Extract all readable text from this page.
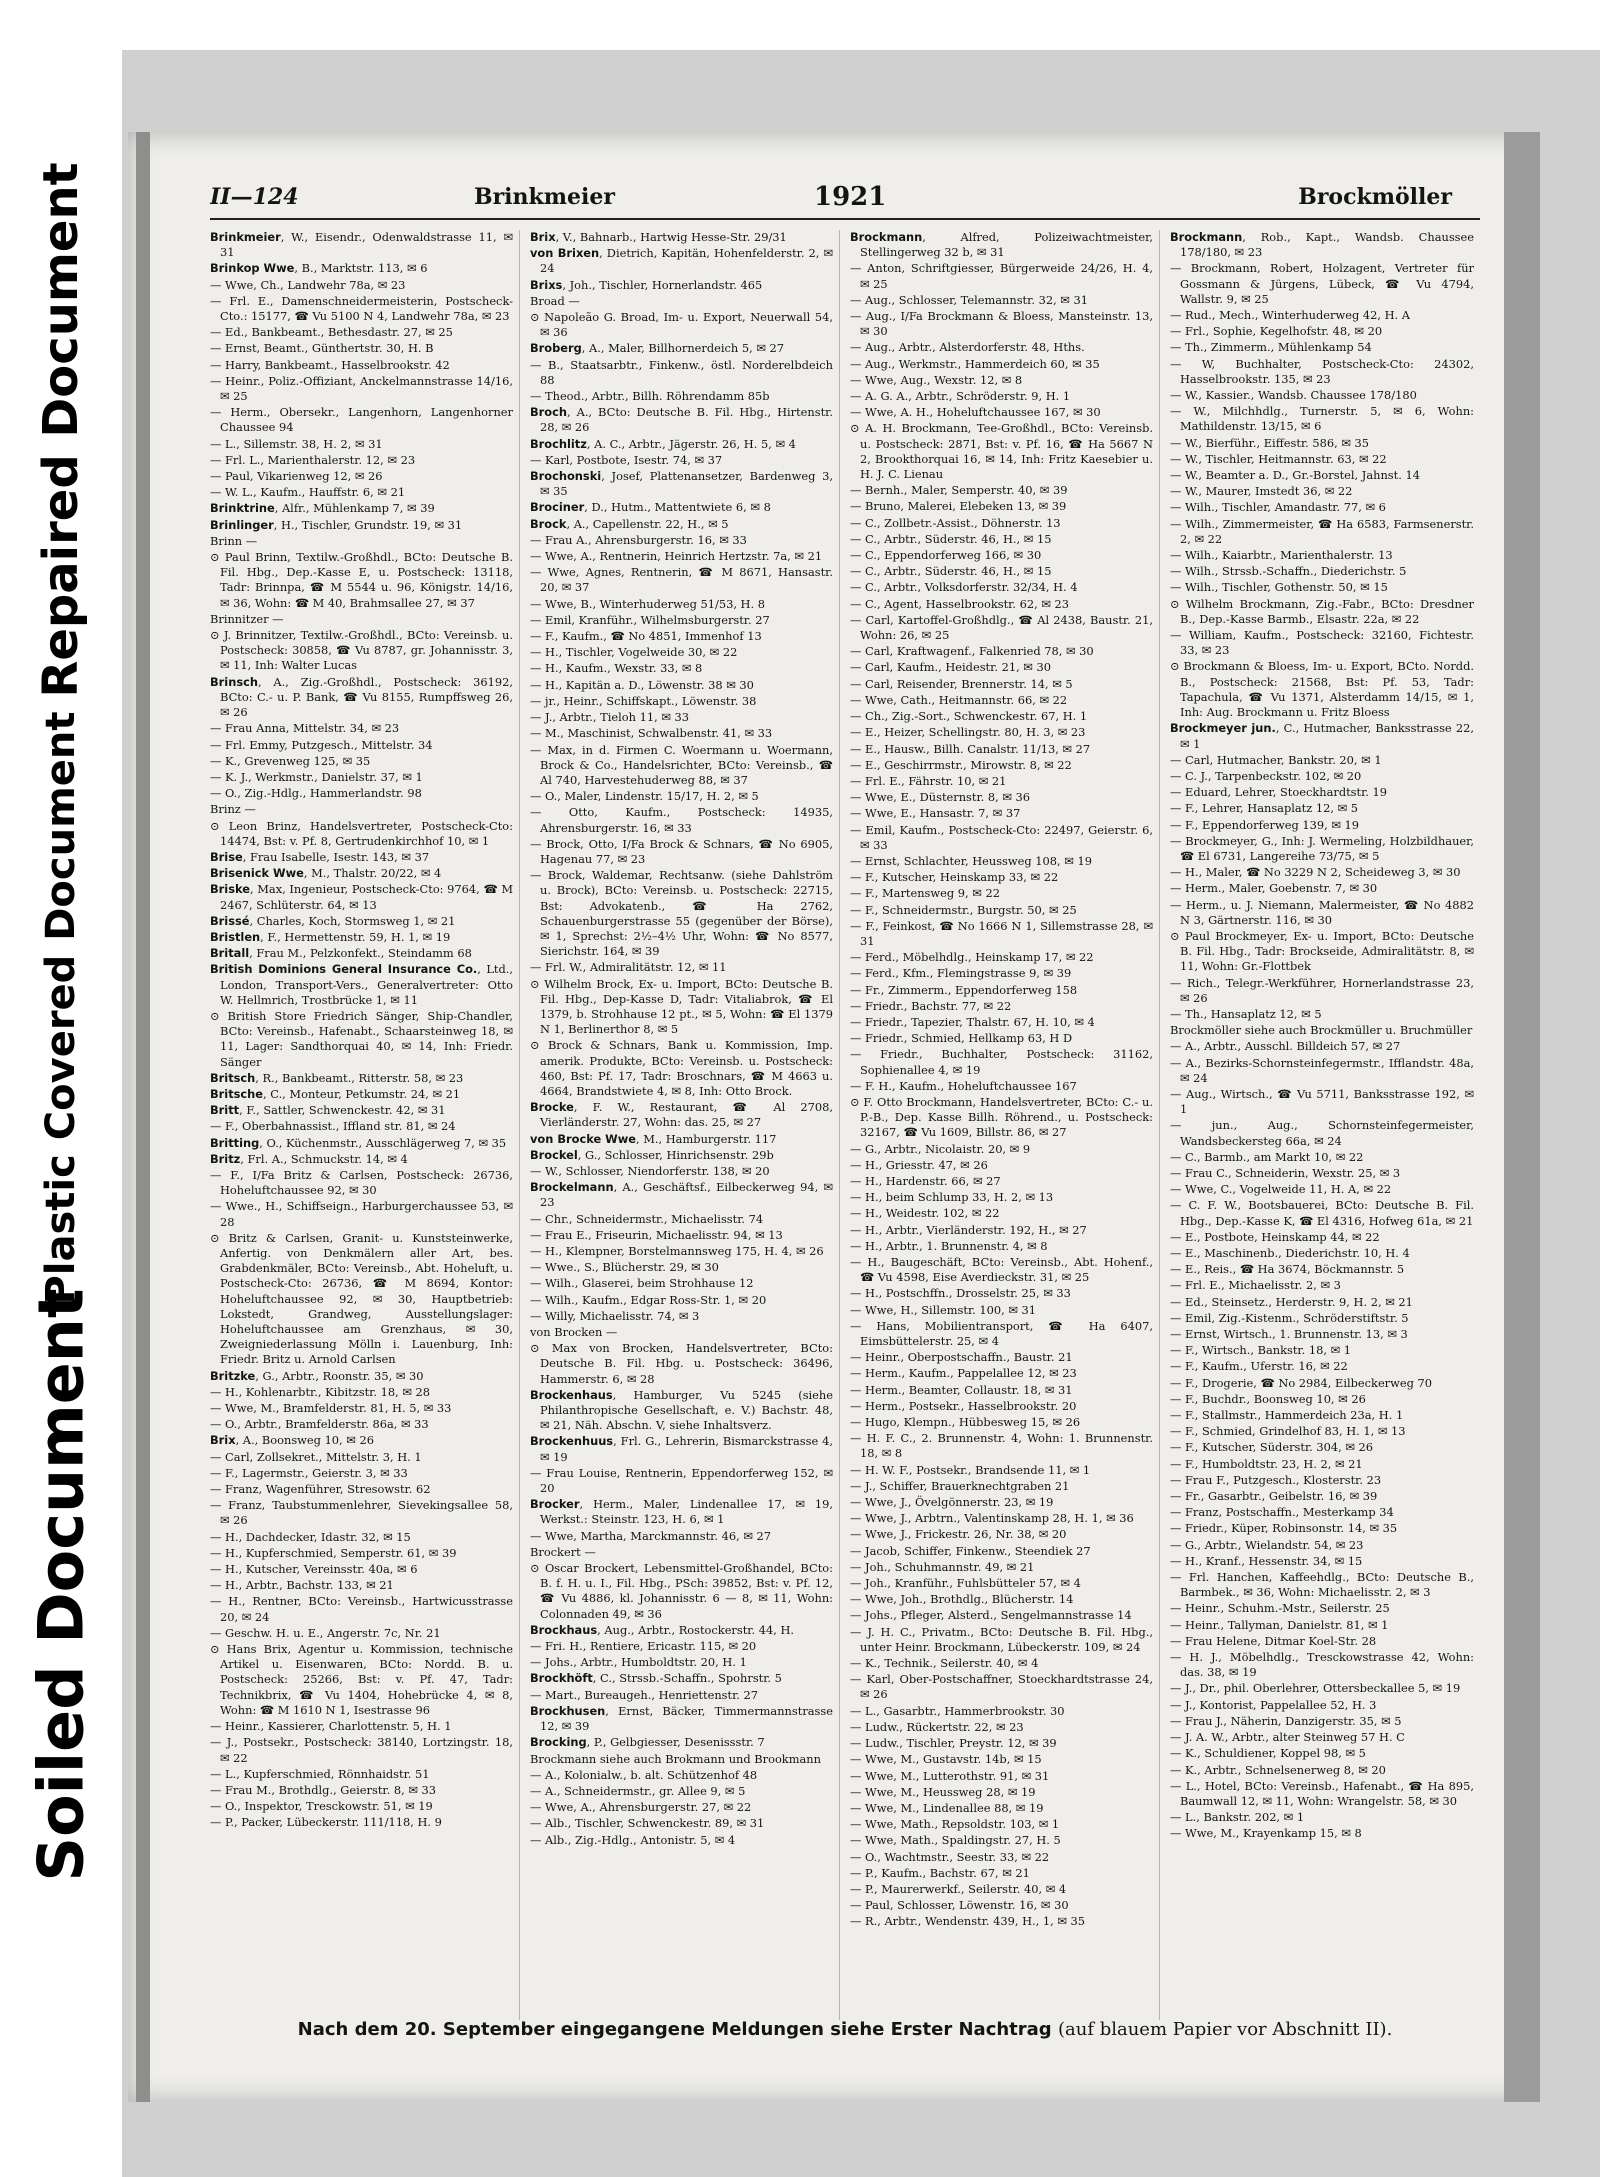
Soiled Document
Plastic Covered Document
Repaired Document	II—124	Brinkmeier	1921	Brockmöller
Brinkmeier, W., Eisendr., Odenwaldstrasse 11, ✉ 31
Brinkop Wwe, B., Marktstr. 113, ✉ 6
— Wwe, Ch., Landwehr 78a, ✉ 23
— Frl. E., Damenschneidermeisterin, Postscheck-Cto.: 15177, ☎ Vu 5100 N 4, Landwehr 78a, ✉ 23
— Ed., Bankbeamt., Bethesdastr. 27, ✉ 25
— Ernst, Beamt., Günthertstr. 30, H. B
— Harry, Bankbeamt., Hasselbrookstr. 42
— Heinr., Poliz.-Offiziant, Anckelmannstrasse 14/16, ✉ 25
— Herm., Obersekr., Langenhorn, Langenhorner Chaussee 94
— L., Sillemstr. 38, H. 2, ✉ 31
— Frl. L., Marienthalerstr. 12, ✉ 23
— Paul, Vikarienweg 12, ✉ 26
— W. L., Kaufm., Hauffstr. 6, ✉ 21
Brinktrine, Alfr., Mühlenkamp 7, ✉ 39
Brinlinger, H., Tischler, Grundstr. 19, ✉ 31
Brinn —
⊙ Paul Brinn, Textilw.-Großhdl., BCto: Deutsche B. Fil. Hbg., Dep.-Kasse E, u. Postscheck: 13118, Tadr: Brinnpa, ☎ M 5544 u. 96, Königstr. 14/16, ✉ 36, Wohn: ☎ M 40, Brahmsallee 27, ✉ 37
Brinnitzer —
⊙ J. Brinnitzer, Textilw.-Großhdl., BCto: Vereinsb. u. Postscheck: 30858, ☎ Vu 8787, gr. Johannisstr. 3, ✉ 11, Inh: Walter Lucas
Brinsch, A., Zig.-Großhdl., Postscheck: 36192, BCto: C.- u. P. Bank, ☎ Vu 8155, Rumpffsweg 26, ✉ 26
— Frau Anna, Mittelstr. 34, ✉ 23
— Frl. Emmy, Putzgesch., Mittelstr. 34
— K., Grevenweg 125, ✉ 35
— K. J., Werkmstr., Danielstr. 37, ✉ 1
— O., Zig.-Hdlg., Hammerlandstr. 98
Brinz —
⊙ Leon Brinz, Handelsvertreter, Postscheck-Cto: 14474, Bst: v. Pf. 8, Gertrudenkirchhof 10, ✉ 1
Brise, Frau Isabelle, Isestr. 143, ✉ 37
Brisenick Wwe, M., Thalstr. 20/22, ✉ 4
Briske, Max, Ingenieur, Postscheck-Cto: 9764, ☎ M 2467, Schlüterstr. 64, ✉ 13
Brissé, Charles, Koch, Stormsweg 1, ✉ 21
Bristlen, F., Hermettenstr. 59, H. 1, ✉ 19
Britall, Frau M., Pelzkonfekt., Steindamm 68
British Dominions General Insurance Co., Ltd., London, Transport-Vers., Generalvertreter: Otto W. Hellmrich, Trostbrücke 1, ✉ 11
⊙ British Store Friedrich Sänger, Ship-Chandler, BCto: Vereinsb., Hafenabt., Schaarsteinweg 18, ✉ 11, Lager: Sandthorquai 40, ✉ 14, Inh: Friedr. Sänger
Britsch, R., Bankbeamt., Ritterstr. 58, ✉ 23
Britsche, C., Monteur, Petkumstr. 24, ✉ 21
Britt, F., Sattler, Schwenckestr. 42, ✉ 31
— F., Oberbahnassist., Iffland str. 81, ✉ 24
Britting, O., Küchenmstr., Ausschlägerweg 7, ✉ 35
Britz, Frl. A., Schmuckstr. 14, ✉ 4
— F., I/Fa Britz & Carlsen, Postscheck: 26736, Hoheluftchaussee 92, ✉ 30
— Wwe., H., Schiffseign., Harburgerchaussee 53, ✉ 28
⊙ Britz & Carlsen, Granit- u. Kunststeinwerke, Anfertig. von Denkmälern aller Art, bes. Grabdenkmäler, BCto: Vereinsb., Abt. Hoheluft, u. Postscheck-Cto: 26736, ☎ M 8694, Kontor: Hoheluftchaussee 92, ✉ 30, Hauptbetrieb: Lokstedt, Grandweg, Ausstellungslager: Hoheluftchaussee am Grenzhaus, ✉ 30, Zweigniederlassung Mölln i. Lauenburg, Inh: Friedr. Britz u. Arnold Carlsen
Britzke, G., Arbtr., Roonstr. 35, ✉ 30
— H., Kohlenarbtr., Kibitzstr. 18, ✉ 28
— Wwe, M., Bramfelderstr. 81, H. 5, ✉ 33
— O., Arbtr., Bramfelderstr. 86a, ✉ 33
Brix, A., Boonsweg 10, ✉ 26
— Carl, Zollsekret., Mittelstr. 3, H. 1
— F., Lagermstr., Geierstr. 3, ✉ 33
— Franz, Wagenführer, Stresowstr. 62
— Franz, Taubstummenlehrer, Sievekingsallee 58, ✉ 26
— H., Dachdecker, Idastr. 32, ✉ 15
— H., Kupferschmied, Semperstr. 61, ✉ 39
— H., Kutscher, Vereinsstr. 40a, ✉ 6
— H., Arbtr., Bachstr. 133, ✉ 21
— H., Rentner, BCto: Vereinsb., Hartwicusstrasse 20, ✉ 24
— Geschw. H. u. E., Angerstr. 7c, Nr. 21
⊙ Hans Brix, Agentur u. Kommission, technische Artikel u. Eisenwaren, BCto: Nordd. B. u. Postscheck: 25266, Bst: v. Pf. 47, Tadr: Technikbrix, ☎ Vu 1404, Hohebrücke 4, ✉ 8, Wohn: ☎ M 1610 N 1, Isestrasse 96
— Heinr., Kassierer, Charlottenstr. 5, H. 1
— J., Postsekr., Postscheck: 38140, Lortzingstr. 18, ✉ 22
— L., Kupferschmied, Rönnhaidstr. 51
— Frau M., Brothdlg., Geierstr. 8, ✉ 33
— O., Inspektor, Tresckowstr. 51, ✉ 19
— P., Packer, Lübeckerstr. 111/118, H. 9
Brix, V., Bahnarb., Hartwig Hesse-Str. 29/31
von Brixen, Dietrich, Kapitän, Hohenfelderstr. 2, ✉ 24
Brixs, Joh., Tischler, Hornerlandstr. 465
Broad —
⊙ Napoleão G. Broad, Im- u. Export, Neuerwall 54, ✉ 36
Broberg, A., Maler, Billhornerdeich 5, ✉ 27
— B., Staatsarbtr., Finkenw., östl. Norderelbdeich 88
— Theod., Arbtr., Billh. Röhrendamm 85b
Broch, A., BCto: Deutsche B. Fil. Hbg., Hirtenstr. 28, ✉ 26
Brochlitz, A. C., Arbtr., Jägerstr. 26, H. 5, ✉ 4
— Karl, Postbote, Isestr. 74, ✉ 37
Brochonski, Josef, Plattenansetzer, Bardenweg 3, ✉ 35
Brociner, D., Hutm., Mattentwiete 6, ✉ 8
Brock, A., Capellenstr. 22, H., ✉ 5
— Frau A., Ahrensburgerstr. 16, ✉ 33
— Wwe, A., Rentnerin, Heinrich Hertzstr. 7a, ✉ 21
— Wwe, Agnes, Rentnerin, ☎ M 8671, Hansastr. 20, ✉ 37
— Wwe, B., Winterhuderweg 51/53, H. 8
— Emil, Kranführ., Wilhelmsburgerstr. 27
— F., Kaufm., ☎ No 4851, Immenhof 13
— H., Tischler, Vogelweide 30, ✉ 22
— H., Kaufm., Wexstr. 33, ✉ 8
— H., Kapitän a. D., Löwenstr. 38 ✉ 30
— jr., Heinr., Schiffskapt., Löwenstr. 38
— J., Arbtr., Tieloh 11, ✉ 33
— M., Maschinist, Schwalbenstr. 41, ✉ 33
— Max, in d. Firmen C. Woermann u. Woermann, Brock & Co., Handelsrichter, BCto: Vereinsb., ☎ Al 740, Harvestehuderweg 88, ✉ 37
— O., Maler, Lindenstr. 15/17, H. 2, ✉ 5
— Otto, Kaufm., Postscheck: 14935, Ahrensburgerstr. 16, ✉ 33
— Brock, Otto, I/Fa Brock & Schnars, ☎ No 6905, Hagenau 77, ✉ 23
— Brock, Waldemar, Rechtsanw. (siehe Dahlström u. Brock), BCto: Vereinsb. u. Postscheck: 22715, Bst: Advokatenb., ☎ Ha 2762, Schauenburgerstrasse 55 (gegenüber der Börse), ✉ 1, Sprechst: 2½–4½ Uhr, Wohn: ☎ No 8577, Sierichstr. 164, ✉ 39
— Frl. W., Admiralitätstr. 12, ✉ 11
⊙ Wilhelm Brock, Ex- u. Import, BCto: Deutsche B. Fil. Hbg., Dep-Kasse D, Tadr: Vitaliabrok, ☎ El 1379, b. Strohhause 12 pt., ✉ 5, Wohn: ☎ El 1379 N 1, Berlinerthor 8, ✉ 5
⊙ Brock & Schnars, Bank u. Kommission, Imp. amerik. Produkte, BCto: Vereinsb. u. Postscheck: 460, Bst: Pf. 17, Tadr: Broschnars, ☎ M 4663 u. 4664, Brandstwiete 4, ✉ 8, Inh: Otto Brock.
Brocke, F. W., Restaurant, ☎ Al 2708, Vierländerstr. 27, Wohn: das. 25, ✉ 27
von Brocke Wwe, M., Hamburgerstr. 117
Brockel, G., Schlosser, Hinrichsenstr. 29b
— W., Schlosser, Niendorferstr. 138, ✉ 20
Brockelmann, A., Geschäftsf., Eilbeckerweg 94, ✉ 23
— Chr., Schneidermstr., Michaelisstr. 74
— Frau E., Friseurin, Michaelisstr. 94, ✉ 13
— H., Klempner, Borstelmannsweg 175, H. 4, ✉ 26
— Wwe., S., Blücherstr. 29, ✉ 30
— Wilh., Glaserei, beim Strohhause 12
— Wilh., Kaufm., Edgar Ross-Str. 1, ✉ 20
— Willy, Michaelisstr. 74, ✉ 3
von Brocken —
⊙ Max von Brocken, Handelsvertreter, BCto: Deutsche B. Fil. Hbg. u. Postscheck: 36496, Hammerstr. 6, ✉ 28
Brockenhaus, Hamburger, Vu 5245 (siehe Philanthropische Gesellschaft, e. V.) Bachstr. 48, ✉ 21, Näh. Abschn. V, siehe Inhaltsverz.
Brockenhuus, Frl. G., Lehrerin, Bismarckstrasse 4, ✉ 19
— Frau Louise, Rentnerin, Eppendorferweg 152, ✉ 20
Brocker, Herm., Maler, Lindenallee 17, ✉ 19, Werkst.: Steinstr. 123, H. 6, ✉ 1
— Wwe, Martha, Marckmannstr. 46, ✉ 27
Brockert —
⊙ Oscar Brockert, Lebensmittel-Großhandel, BCto: B. f. H. u. I., Fil. Hbg., PSch: 39852, Bst: v. Pf. 12, ☎ Vu 4886, kl. Johannisstr. 6 — 8, ✉ 11, Wohn: Colonnaden 49, ✉ 36
Brockhaus, Aug., Arbtr., Rostockerstr. 44, H.
— Fri. H., Rentiere, Ericastr. 115, ✉ 20
— Johs., Arbtr., Humboldtstr. 20, H. 1
Brockhöft, C., Strssb.-Schaffn., Spohrstr. 5
— Mart., Bureaugeh., Henriettenstr. 27
Brockhusen, Ernst, Bäcker, Timmermannstrasse 12, ✉ 39
Brocking, P., Gelbgiesser, Desenissstr. 7
Brockmann siehe auch Brokmann und Brookmann
— A., Kolonialw., b. alt. Schützenhof 48
— A., Schneidermstr., gr. Allee 9, ✉ 5
— Wwe, A., Ahrensburgerstr. 27, ✉ 22
— Alb., Tischler, Schwenckestr. 89, ✉ 31
— Alb., Zig.-Hdlg., Antonistr. 5, ✉ 4
Brockmann, Alfred, Polizeiwachtmeister, Stellingerweg 32 b, ✉ 31
— Anton, Schriftgiesser, Bürgerweide 24/26, H. 4, ✉ 25
— Aug., Schlosser, Telemannstr. 32, ✉ 31
— Aug., I/Fa Brockmann & Bloess, Mansteinstr. 13, ✉ 30
— Aug., Arbtr., Alsterdorferstr. 48, Hths.
— Aug., Werkmstr., Hammerdeich 60, ✉ 35
— Wwe, Aug., Wexstr. 12, ✉ 8
— A. G. A., Arbtr., Schröderstr. 9, H. 1
— Wwe, A. H., Hoheluftchaussee 167, ✉ 30
⊙ A. H. Brockmann, Tee-Großhdl., BCto: Vereinsb. u. Postscheck: 2871, Bst: v. Pf. 16, ☎ Ha 5667 N 2, Brookthorquai 16, ✉ 14, Inh: Fritz Kaesebier u. H. J. C. Lienau
— Bernh., Maler, Semperstr. 40, ✉ 39
— Bruno, Malerei, Elebeken 13, ✉ 39
— C., Zollbetr.-Assist., Döhnerstr. 13
— C., Arbtr., Süderstr. 46, H., ✉ 15
— C., Eppendorferweg 166, ✉ 30
— C., Arbtr., Süderstr. 46, H., ✉ 15
— C., Arbtr., Volksdorferstr. 32/34, H. 4
— C., Agent, Hasselbrookstr. 62, ✉ 23
— Carl, Kartoffel-Großhdlg., ☎ Al 2438, Baustr. 21, Wohn: 26, ✉ 25
— Carl, Kraftwagenf., Falkenried 78, ✉ 30
— Carl, Kaufm., Heidestr. 21, ✉ 30
— Carl, Reisender, Brennerstr. 14, ✉ 5
— Wwe, Cath., Heitmannstr. 66, ✉ 22
— Ch., Zig.-Sort., Schwenckestr. 67, H. 1
— E., Heizer, Schellingstr. 80, H. 3, ✉ 23
— E., Hausw., Billh. Canalstr. 11/13, ✉ 27
— E., Geschirrmstr., Mirowstr. 8, ✉ 22
— Frl. E., Fährstr. 10, ✉ 21
— Wwe, E., Düsternstr. 8, ✉ 36
— Wwe, E., Hansastr. 7, ✉ 37
— Emil, Kaufm., Postscheck-Cto: 22497, Geierstr. 6, ✉ 33
— Ernst, Schlachter, Heussweg 108, ✉ 19
— F., Kutscher, Heinskamp 33, ✉ 22
— F., Martensweg 9, ✉ 22
— F., Schneidermstr., Burgstr. 50, ✉ 25
— F., Feinkost, ☎ No 1666 N 1, Sillemstrasse 28, ✉ 31
— Ferd., Möbelhdlg., Heinskamp 17, ✉ 22
— Ferd., Kfm., Flemingstrasse 9, ✉ 39
— Fr., Zimmerm., Eppendorferweg 158
— Friedr., Bachstr. 77, ✉ 22
— Friedr., Tapezier, Thalstr. 67, H. 10, ✉ 4
— Friedr., Schmied, Hellkamp 63, H D
— Friedr., Buchhalter, Postscheck: 31162, Sophienallee 4, ✉ 19
— F. H., Kaufm., Hoheluftchaussee 167
⊙ F. Otto Brockmann, Handelsvertreter, BCto: C.- u. P.-B., Dep. Kasse Billh. Röhrend., u. Postscheck: 32167, ☎ Vu 1609, Billstr. 86, ✉ 27
— G., Arbtr., Nicolaistr. 20, ✉ 9
— H., Griesstr. 47, ✉ 26
— H., Hardenstr. 66, ✉ 27
— H., beim Schlump 33, H. 2, ✉ 13
— H., Weidestr. 102, ✉ 22
— H., Arbtr., Vierländerstr. 192, H., ✉ 27
— H., Arbtr., 1. Brunnenstr. 4, ✉ 8
— H., Baugeschäft, BCto: Vereinsb., Abt. Hohenf., ☎ Vu 4598, Eise Averdieckstr. 31, ✉ 25
— H., Postschffn., Drosselstr. 25, ✉ 33
— Wwe, H., Sillemstr. 100, ✉ 31
— Hans, Mobilientransport, ☎ Ha 6407, Eimsbüttelerstr. 25, ✉ 4
— Heinr., Oberpostschaffn., Baustr. 21
— Herm., Kaufm., Pappelallee 12, ✉ 23
— Herm., Beamter, Collaustr. 18, ✉ 31
— Herm., Postsekr., Hasselbrookstr. 20
— Hugo, Klempn., Hübbesweg 15, ✉ 26
— H. F. C., 2. Brunnenstr. 4, Wohn: 1. Brunnenstr. 18, ✉ 8
— H. W. F., Postsekr., Brandsende 11, ✉ 1
— J., Schiffer, Brauerknechtgraben 21
— Wwe, J., Övelgönnerstr. 23, ✉ 19
— Wwe, J., Arbtrn., Valentinskamp 28, H. 1, ✉ 36
— Wwe, J., Frickestr. 26, Nr. 38, ✉ 20
— Jacob, Schiffer, Finkenw., Steendiek 27
— Joh., Schuhmannstr. 49, ✉ 21
— Joh., Kranführ., Fuhlsbütteler 57, ✉ 4
— Wwe, Joh., Brothdlg., Blücherstr. 14
— Johs., Pfleger, Alsterd., Sengelmannstrasse 14
— J. H. C., Privatm., BCto: Deutsche B. Fil. Hbg., unter Heinr. Brockmann, Lübeckerstr. 109, ✉ 24
— K., Technik., Seilerstr. 40, ✉ 4
— Karl, Ober-Postschaffner, Stoeckhardtstrasse 24, ✉ 26
— L., Gasarbtr., Hammerbrookstr. 30
— Ludw., Rückertstr. 22, ✉ 23
— Ludw., Tischler, Preystr. 12, ✉ 39
— Wwe, M., Gustavstr. 14b, ✉ 15
— Wwe, M., Lutterothstr. 91, ✉ 31
— Wwe, M., Heussweg 28, ✉ 19
— Wwe, M., Lindenallee 88, ✉ 19
— Wwe, Math., Repsoldstr. 103, ✉ 1
— Wwe, Math., Spaldingstr. 27, H. 5
— O., Wachtmstr., Seestr. 33, ✉ 22
— P., Kaufm., Bachstr. 67, ✉ 21
— P., Maurerwerkf., Seilerstr. 40, ✉ 4
— Paul, Schlosser, Löwenstr. 16, ✉ 30
— R., Arbtr., Wendenstr. 439, H., 1, ✉ 35
Brockmann, Rob., Kapt., Wandsb. Chaussee 178/180, ✉ 23
— Brockmann, Robert, Holzagent, Vertreter für Gossmann & Jürgens, Lübeck, ☎ Vu 4794, Wallstr. 9, ✉ 25
— Rud., Mech., Winterhuderweg 42, H. A
— Frl., Sophie, Kegelhofstr. 48, ✉ 20
— Th., Zimmerm., Mühlenkamp 54
— W, Buchhalter, Postscheck-Cto: 24302, Hasselbrookstr. 135, ✉ 23
— W., Kassier., Wandsb. Chaussee 178/180
— W., Milchhdlg., Turnerstr. 5, ✉ 6, Wohn: Mathildenstr. 13/15, ✉ 6
— W., Bierführ., Eiffestr. 586, ✉ 35
— W., Tischler, Heitmannstr. 63, ✉ 22
— W., Beamter a. D., Gr.-Borstel, Jahnst. 14
— W., Maurer, Imstedt 36, ✉ 22
— Wilh., Tischler, Amandastr. 77, ✉ 6
— Wilh., Zimmermeister, ☎ Ha 6583, Farmsenerstr. 2, ✉ 22
— Wilh., Kaiarbtr., Marienthalerstr. 13
— Wilh., Strssb.-Schaffn., Diederichstr. 5
— Wilh., Tischler, Gothenstr. 50, ✉ 15
⊙ Wilhelm Brockmann, Zig.-Fabr., BCto: Dresdner B., Dep.-Kasse Barmb., Elsastr. 22a, ✉ 22
— William, Kaufm., Postscheck: 32160, Fichtestr. 33, ✉ 23
⊙ Brockmann & Bloess, Im- u. Export, BCto. Nordd. B., Postscheck: 21568, Bst: Pf. 53, Tadr: Tapachula, ☎ Vu 1371, Alsterdamm 14/15, ✉ 1, Inh: Aug. Brockmann u. Fritz Bloess
Brockmeyer jun., C., Hutmacher, Banksstrasse 22, ✉ 1
— Carl, Hutmacher, Bankstr. 20, ✉ 1
— C. J., Tarpenbeckstr. 102, ✉ 20
— Eduard, Lehrer, Stoeckhardtstr. 19
— F., Lehrer, Hansaplatz 12, ✉ 5
— F., Eppendorferweg 139, ✉ 19
— Brockmeyer, G., Inh: J. Wermeling, Holzbildhauer, ☎ El 6731, Langereihe 73/75, ✉ 5
— H., Maler, ☎ No 3229 N 2, Scheideweg 3, ✉ 30
— Herm., Maler, Goebenstr. 7, ✉ 30
— Herm., u. J. Niemann, Malermeister, ☎ No 4882 N 3, Gärtnerstr. 116, ✉ 30
⊙ Paul Brockmeyer, Ex- u. Import, BCto: Deutsche B. Fil. Hbg., Tadr: Brockseide, Admiralitätstr. 8, ✉ 11, Wohn: Gr.-Flottbek
— Rich., Telegr.-Werkführer, Hornerlandstrasse 23, ✉ 26
— Th., Hansaplatz 12, ✉ 5
Brockmöller siehe auch Brockmüller u. Bruchmüller
— A., Arbtr., Ausschl. Billdeich 57, ✉ 27
— A., Bezirks-Schornsteinfegermstr., Ifflandstr. 48a, ✉ 24
— Aug., Wirtsch., ☎ Vu 5711, Banksstrasse 192, ✉ 1
— jun., Aug., Schornsteinfegermeister, Wandsbeckersteg 66a, ✉ 24
— C., Barmb., am Markt 10, ✉ 22
— Frau C., Schneiderin, Wexstr. 25, ✉ 3
— Wwe, C., Vogelweide 11, H. A, ✉ 22
— C. F. W., Bootsbauerei, BCto: Deutsche B. Fil. Hbg., Dep.-Kasse K, ☎ El 4316, Hofweg 61a, ✉ 21
— E., Postbote, Heinskamp 44, ✉ 22
— E., Maschinenb., Diederichstr. 10, H. 4
— E., Reis., ☎ Ha 3674, Böckmannstr. 5
— Frl. E., Michaelisstr. 2, ✉ 3
— Ed., Steinsetz., Herderstr. 9, H. 2, ✉ 21
— Emil, Zig.-Kistenm., Schröderstiftstr. 5
— Ernst, Wirtsch., 1. Brunnenstr. 13, ✉ 3
— F., Wirtsch., Bankstr. 18, ✉ 1
— F., Kaufm., Uferstr. 16, ✉ 22
— F., Drogerie, ☎ No 2984, Eilbeckerweg 70
— F., Buchdr., Boonsweg 10, ✉ 26
— F., Stallmstr., Hammerdeich 23a, H. 1
— F., Schmied, Grindelhof 83, H. 1, ✉ 13
— F., Kutscher, Süderstr. 304, ✉ 26
— F., Humboldtstr. 23, H. 2, ✉ 21
— Frau F., Putzgesch., Klosterstr. 23
— Fr., Gasarbtr., Geibelstr. 16, ✉ 39
— Franz, Postschaffn., Mesterkamp 34
— Friedr., Küper, Robinsonstr. 14, ✉ 35
— G., Arbtr., Wielandstr. 54, ✉ 23
— H., Kranf., Hessenstr. 34, ✉ 15
— Frl. Hanchen, Kaffeehdlg., BCto: Deutsche B., Barmbek., ✉ 36, Wohn: Michaelisstr. 2, ✉ 3
— Heinr., Schuhm.-Mstr., Seilerstr. 25
— Heinr., Tallyman, Danielstr. 81, ✉ 1
— Frau Helene, Ditmar Koel-Str. 28
— H. J., Möbelhdlg., Tresckowstrasse 42, Wohn: das. 38, ✉ 19
— J., Dr., phil. Oberlehrer, Ottersbeckallee 5, ✉ 19
— J., Kontorist, Pappelallee 52, H. 3
— Frau J., Näherin, Danzigerstr. 35, ✉ 5
— J. A. W., Arbtr., alter Steinweg 57 H. C
— K., Schuldiener, Koppel 98, ✉ 5
— K., Arbtr., Schnelsenerweg 8, ✉ 20
— L., Hotel, BCto: Vereinsb., Hafenabt., ☎ Ha 895, Baumwall 12, ✉ 11, Wohn: Wrangelstr. 58, ✉ 30
— L., Bankstr. 202, ✉ 1
— Wwe, M., Krayenkamp 15, ✉ 8
Nach dem 20. September eingegangene Meldungen siehe Erster Nachtrag (auf blauem Papier vor Abschnitt II).
